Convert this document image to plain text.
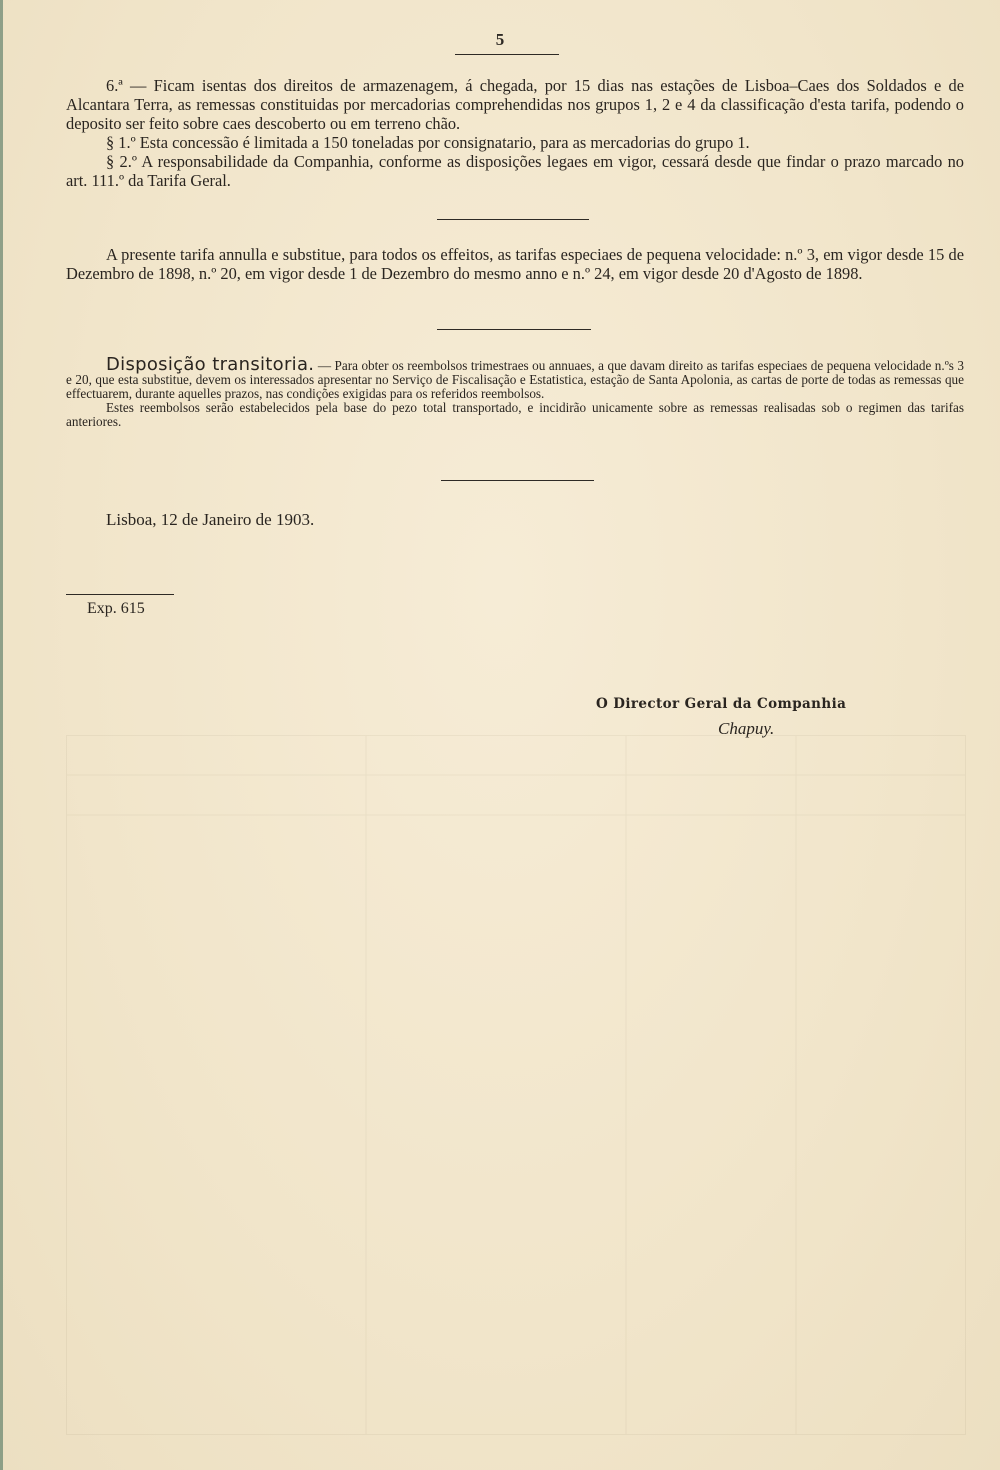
5

6.ª — Ficam isentas dos direitos de armazenagem, á chegada, por 15 dias nas estações de Lisboa–Caes dos Soldados e de Alcantara Terra, as remessas constituidas por mercadorias comprehendidas nos grupos 1, 2 e 4 da classificação d'esta tarifa, podendo o deposito ser feito sobre caes descoberto ou em terreno chão.

§ 1.º Esta concessão é limitada a 150 toneladas por consignatario, para as mercadorias do grupo 1.

§ 2.º A responsabilidade da Companhia, conforme as disposições legaes em vigor, cessará desde que findar o prazo marcado no art. 111.º da Tarifa Geral.

A presente tarifa annulla e substitue, para todos os effeitos, as tarifas especiaes de pequena velocidade: n.º 3, em vigor desde 15 de Dezembro de 1898, n.º 20, em vigor desde 1 de Dezembro do mesmo anno e n.º 24, em vigor desde 20 d'Agosto de 1898.

Disposição transitoria. — Para obter os reembolsos trimestraes ou annuaes, a que davam direito as tarifas especiaes de pequena velocidade n.ºs 3 e 20, que esta substitue, devem os interessados apresentar no Serviço de Fiscalisação e Estatistica, estação de Santa Apolonia, as cartas de porte de todas as remessas que effectuarem, durante aquelles prazos, nas condições exigidas para os referidos reembolsos.

Estes reembolsos serão estabelecidos pela base do pezo total transportado, e incidirão unicamente sobre as remessas realisadas sob o regimen das tarifas anteriores.

Lisboa, 12 de Janeiro de 1903.
Exp. 615
O Director Geral da Companhia
Chapuy.
